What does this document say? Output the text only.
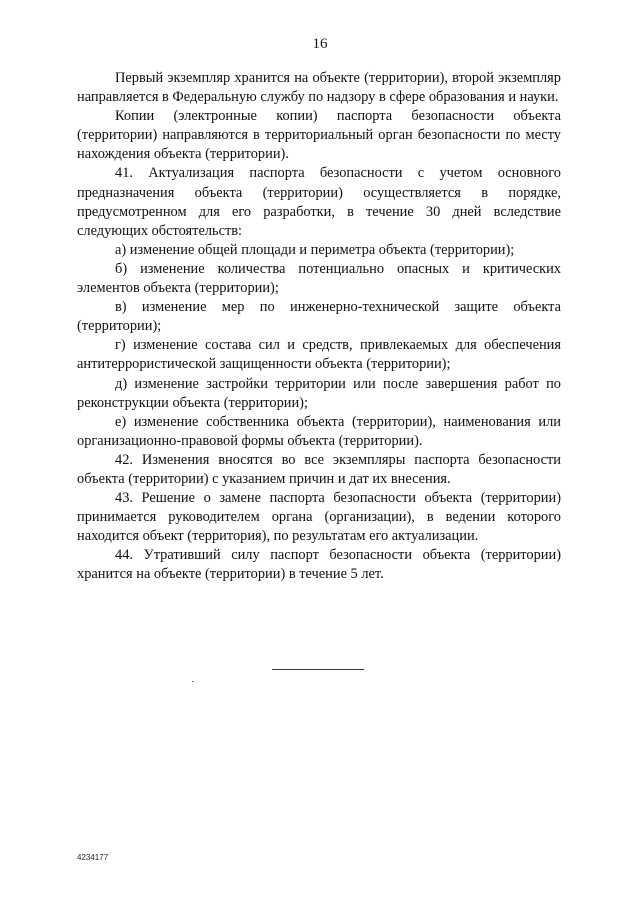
16

Первый экземпляр хранится на объекте (территории), второй экземпляр направляется в Федеральную службу по надзору в сфере образования и науки.

Копии (электронные копии) паспорта безопасности объекта (территории) направляются в территориальный орган безопасности по месту нахождения объекта (территории).

41. Актуализация паспорта безопасности с учетом основного предназначения объекта (территории) осуществляется в порядке, предусмотренном для его разработки, в течение 30 дней вследствие следующих обстоятельств:

а) изменение общей площади и периметра объекта (территории);

б) изменение количества потенциально опасных и критических элементов объекта (территории);

в) изменение мер по инженерно-технической защите объекта (территории);

г) изменение состава сил и средств, привлекаемых для обеспечения антитеррористической защищенности объекта (территории);

д) изменение застройки территории или после завершения работ по реконструкции объекта (территории);

е) изменение собственника объекта (территории), наименования или организационно-правовой формы объекта (территории).

42. Изменения вносятся во все экземпляры паспорта безопасности объекта (территории) с указанием причин и дат их внесения.

43. Решение о замене паспорта безопасности объекта (территории) принимается руководителем органа (организации), в ведении которого находится объект (территория), по результатам его актуализации.

44. Утративший силу паспорт безопасности объекта (территории) хранится на объекте (территории) в течение 5 лет.

4234177
